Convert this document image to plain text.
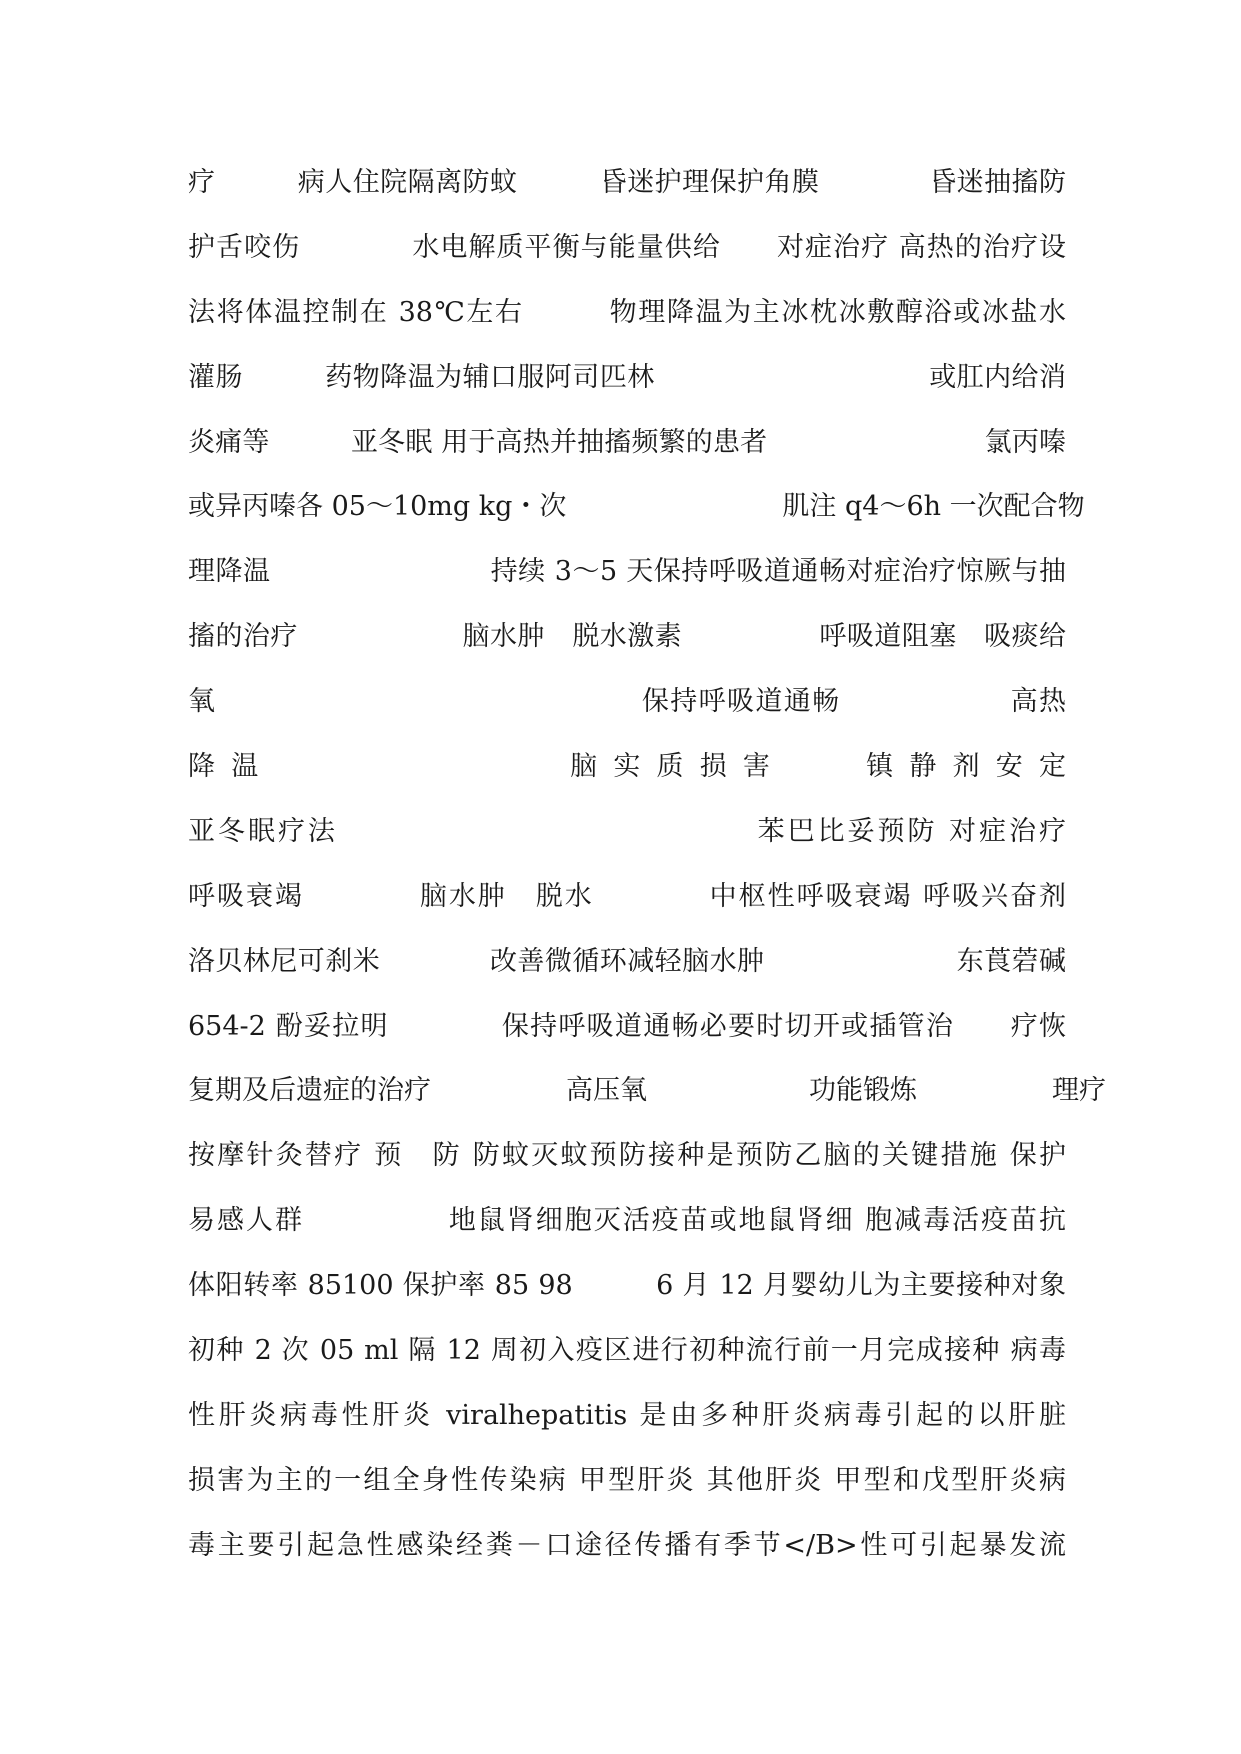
疗　　　病人住院隔离防蚊　　　昏迷护理保护角膜　　　　昏迷抽搐防
护舌咬伤　　　　水电解质平衡与能量供给　　对症治疗 高热的治疗设
法将体温控制在 38℃左右　　　物理降温为主冰枕冰敷醇浴或冰盐水
灌肠　　　药物降温为辅口服阿司匹林　　　　　　　　　　或肛内给消
炎痛等　　　亚冬眠 用于高热并抽搐频繁的患者　　　　　　　　氯丙嗪
或异丙嗪各 05～10mg kg・次　　　　　　　　肌注 q4～6h 一次配合物
理降温　　　　　　　　持续 3～5 天保持呼吸道通畅对症治疗惊厥与抽
搐的治疗　　　　　　脑水肿　脱水激素　　　　　呼吸道阻塞　吸痰给
氧　　　　　　　　　　　　　　　保持呼吸道通畅　　　　　　高热
降 温　　　　　　　　　　脑 实 质 损 害　　　镇 静 剂 安 定
亚冬眠疗法　　　　　　　　　　　　　　苯巴比妥预防 对症治疗
呼吸衰竭　　　　脑水肿　脱水　　　　中枢性呼吸衰竭 呼吸兴奋剂
洛贝林尼可刹米　　　　改善微循环减轻脑水肿　　　　　　　东莨菪碱
654-2 酚妥拉明　　　　保持呼吸道通畅必要时切开或插管治　　疗恢
复期及后遗症的治疗　　　　　高压氧　　　　　　功能锻炼　　　　　理疗
按摩针灸替疗 预　防 防蚊灭蚊预防接种是预防乙脑的关键措施 保护
易感人群　　　　　地鼠肾细胞灭活疫苗或地鼠肾细 胞减毒活疫苗抗
体阳转率 85100 保护率 85 98　　　6 月 12 月婴幼儿为主要接种对象
初种 2 次 05 ml 隔 12 周初入疫区进行初种流行前一月完成接种 病毒
性肝炎病毒性肝炎 viralhepatitis 是由多种肝炎病毒引起的以肝脏
损害为主的一组全身性传染病 甲型肝炎 其他肝炎 甲型和戊型肝炎病
毒主要引起急性感染经粪－口途径传播有季节</B>性可引起暴发流
